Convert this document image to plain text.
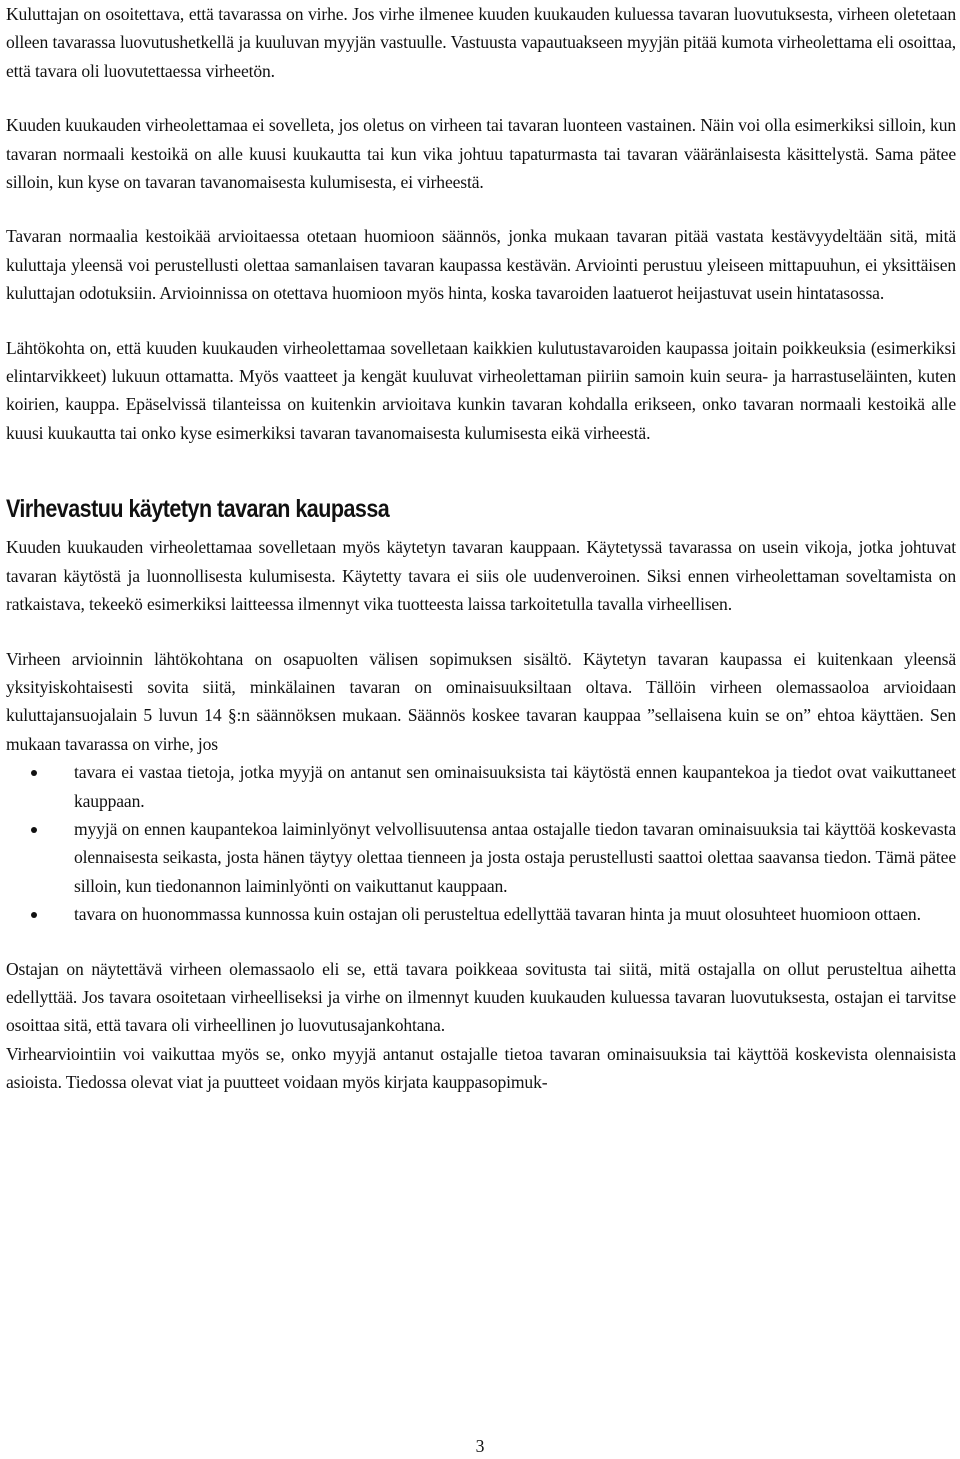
Kuluttajan on osoitettava, että tavarassa on virhe. Jos virhe ilmenee kuuden kuukauden kuluessa tavaran luovutuksesta, virheen oletetaan olleen tavarassa luovutushetkellä ja kuuluvan myyjän vastuulle. Vastuusta vapautuakseen myyjän pitää kumota virheolettama eli osoittaa, että tavara oli luovutettaessa virheetön.

Kuuden kuukauden virheolettamaa ei sovelleta, jos oletus on virheen tai tavaran luonteen vastainen. Näin voi olla esimerkiksi silloin, kun tavaran normaali kestoikä on alle kuusi kuukautta tai kun vika johtuu tapaturmasta tai tavaran vääränlaisesta käsittelystä. Sama pätee silloin, kun kyse on tavaran tavanomaisesta kulumisesta, ei virheestä.

Tavaran normaalia kestoikää arvioitaessa otetaan huomioon säännös, jonka mukaan tavaran pitää vastata kestävyydeltään sitä, mitä kuluttaja yleensä voi perustellusti olettaa samanlaisen tavaran kaupassa kestävän. Arviointi perustuu yleiseen mittapuuhun, ei yksittäisen kuluttajan odotuksiin. Arvioinnissa on otettava huomioon myös hinta, koska tavaroiden laatuerot heijastuvat usein hintatasossa.

Lähtökohta on, että kuuden kuukauden virheolettamaa sovelletaan kaikkien kulutustavaroiden kaupassa joitain poikkeuksia (esimerkiksi elintarvikkeet) lukuun ottamatta. Myös vaatteet ja kengät kuuluvat virheolettaman piiriin samoin kuin seura- ja harrastuseläinten, kuten koirien, kauppa. Epäselvissä tilanteissa on kuitenkin arvioitava kunkin tavaran kohdalla erikseen, onko tavaran normaali kestoikä alle kuusi kuukautta tai onko kyse esimerkiksi tavaran tavanomaisesta kulumisesta eikä virheestä.

Virhevastuu käytetyn tavaran kaupassa

Kuuden kuukauden virheolettamaa sovelletaan myös käytetyn tavaran kauppaan. Käytetyssä tavarassa on usein vikoja, jotka johtuvat tavaran käytöstä ja luonnollisesta kulumisesta. Käytetty tavara ei siis ole uudenveroinen. Siksi ennen virheolettaman soveltamista on ratkaistava, tekeekö esimerkiksi laitteessa ilmennyt vika tuotteesta laissa tarkoitetulla tavalla virheellisen.

Virheen arvioinnin lähtökohtana on osapuolten välisen sopimuksen sisältö. Käytetyn tavaran kaupassa ei kuitenkaan yleensä yksityiskohtaisesti sovita siitä, minkälainen tavaran on ominaisuuksiltaan oltava. Tällöin virheen olemassaoloa arvioidaan kuluttajansuojalain 5 luvun 14 §:n säännöksen mukaan. Säännös koskee tavaran kauppaa ”sellaisena kuin se on” ehtoa käyttäen. Sen mukaan tavarassa on virhe, jos

tavara ei vastaa tietoja, jotka myyjä on antanut sen ominaisuuksista tai käytöstä ennen kaupantekoa ja tiedot ovat vaikuttaneet kauppaan.

myyjä on ennen kaupantekoa laiminlyönyt velvollisuutensa antaa ostajalle tiedon tavaran ominaisuuksia tai käyttöä koskevasta olennaisesta seikasta, josta hänen täytyy olettaa tienneen ja josta ostaja perustellusti saattoi olettaa saavansa tiedon. Tämä pätee silloin, kun tiedonannon laiminlyönti on vaikuttanut kauppaan.

tavara on huonommassa kunnossa kuin ostajan oli perusteltua edellyttää tavaran hinta ja muut olosuhteet huomioon ottaen.

Ostajan on näytettävä virheen olemassaolo eli se, että tavara poikkeaa sovitusta tai siitä, mitä ostajalla on ollut perusteltua aihetta edellyttää. Jos tavara osoitetaan virheelliseksi ja virhe on ilmennyt kuuden kuukauden kuluessa tavaran luovutuksesta, ostajan ei tarvitse osoittaa sitä, että tavara oli virheellinen jo luovutusajankohtana.

Virhearviointiin voi vaikuttaa myös se, onko myyjä antanut ostajalle tietoa tavaran ominaisuuksia tai käyttöä koskevista olennaisista asioista. Tiedossa olevat viat ja puutteet voidaan myös kirjata kauppasopimuk-

3
